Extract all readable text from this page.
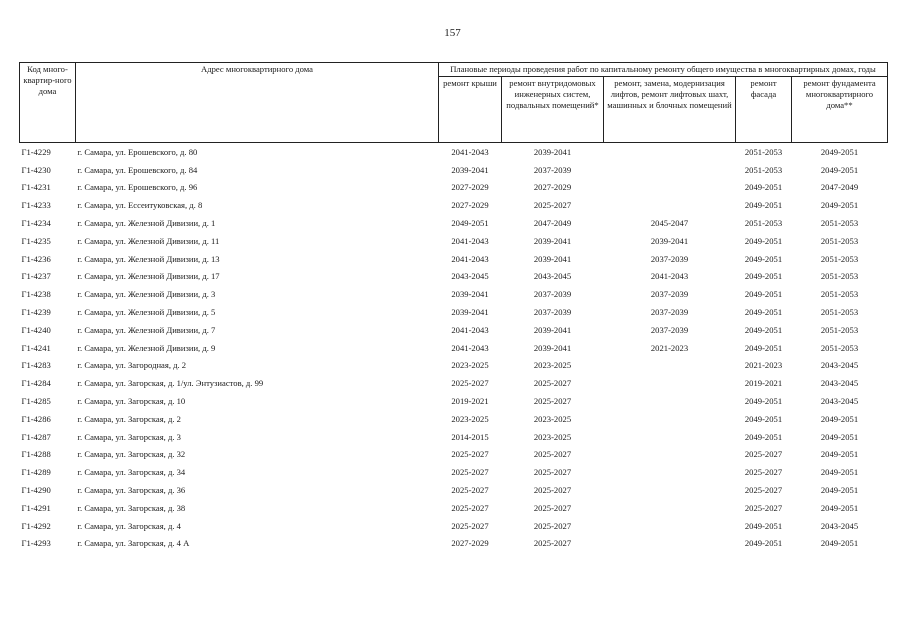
157
Код много-квартир-ного дома	Адрес многоквартирного дома	Плановые периоды проведения работ по капитальному ремонту общего имущества в многоквартирных домах, годы				
		ремонт крыши	ремонт внутридомовых инженерных систем, подвальных помещений*	ремонт, замена, модернизация лифтов, ремонт лифтовых шахт, машинных и блочных помещений	ремонт фасада	ремонт фундамента многоквартирного дома**
Г1-4229	г. Самара, ул. Ерошевского, д. 80	2041-2043	2039-2041		2051-2053	2049-2051
Г1-4230	г. Самара, ул. Ерошевского, д. 84	2039-2041	2037-2039		2051-2053	2049-2051
Г1-4231	г. Самара, ул. Ерошевского, д. 96	2027-2029	2027-2029		2049-2051	2047-2049
Г1-4233	г. Самара, ул. Ессеитуковская, д. 8	2027-2029	2025-2027		2049-2051	2049-2051
Г1-4234	г. Самара, ул. Железной Дивизии, д. 1	2049-2051	2047-2049	2045-2047	2051-2053	2051-2053
Г1-4235	г. Самара, ул. Железной Дивизии, д. 11	2041-2043	2039-2041	2039-2041	2049-2051	2051-2053
Г1-4236	г. Самара, ул. Железной Дивизии, д. 13	2041-2043	2039-2041	2037-2039	2049-2051	2051-2053
Г1-4237	г. Самара, ул. Железной Дивизии, д. 17	2043-2045	2043-2045	2041-2043	2049-2051	2051-2053
Г1-4238	г. Самара, ул. Железной Дивизии, д. 3	2039-2041	2037-2039	2037-2039	2049-2051	2051-2053
Г1-4239	г. Самара, ул. Железной Дивизии, д. 5	2039-2041	2037-2039	2037-2039	2049-2051	2051-2053
Г1-4240	г. Самара, ул. Железной Дивизии, д. 7	2041-2043	2039-2041	2037-2039	2049-2051	2051-2053
Г1-4241	г. Самара, ул. Железной Дивизии, д. 9	2041-2043	2039-2041	2021-2023	2049-2051	2051-2053
Г1-4283	г. Самара, ул. Загородная, д. 2	2023-2025	2023-2025		2021-2023	2043-2045
Г1-4284	г. Самара, ул. Загорская, д. 1/ул. Энтузиастов, д. 99	2025-2027	2025-2027		2019-2021	2043-2045
Г1-4285	г. Самара, ул. Загорская, д. 10	2019-2021	2025-2027		2049-2051	2043-2045
Г1-4286	г. Самара, ул. Загорская, д. 2	2023-2025	2023-2025		2049-2051	2049-2051
Г1-4287	г. Самара, ул. Загорская, д. 3	2014-2015	2023-2025		2049-2051	2049-2051
Г1-4288	г. Самара, ул. Загорская, д. 32	2025-2027	2025-2027		2025-2027	2049-2051
Г1-4289	г. Самара, ул. Загорская, д. 34	2025-2027	2025-2027		2025-2027	2049-2051
Г1-4290	г. Самара, ул. Загорская, д. 36	2025-2027	2025-2027		2025-2027	2049-2051
Г1-4291	г. Самара, ул. Загорская, д. 38	2025-2027	2025-2027		2025-2027	2049-2051
Г1-4292	г. Самара, ул. Загорская, д. 4	2025-2027	2025-2027		2049-2051	2043-2045
Г1-4293	г. Самара, ул. Загорская, д. 4 А	2027-2029	2025-2027		2049-2051	2049-2051
